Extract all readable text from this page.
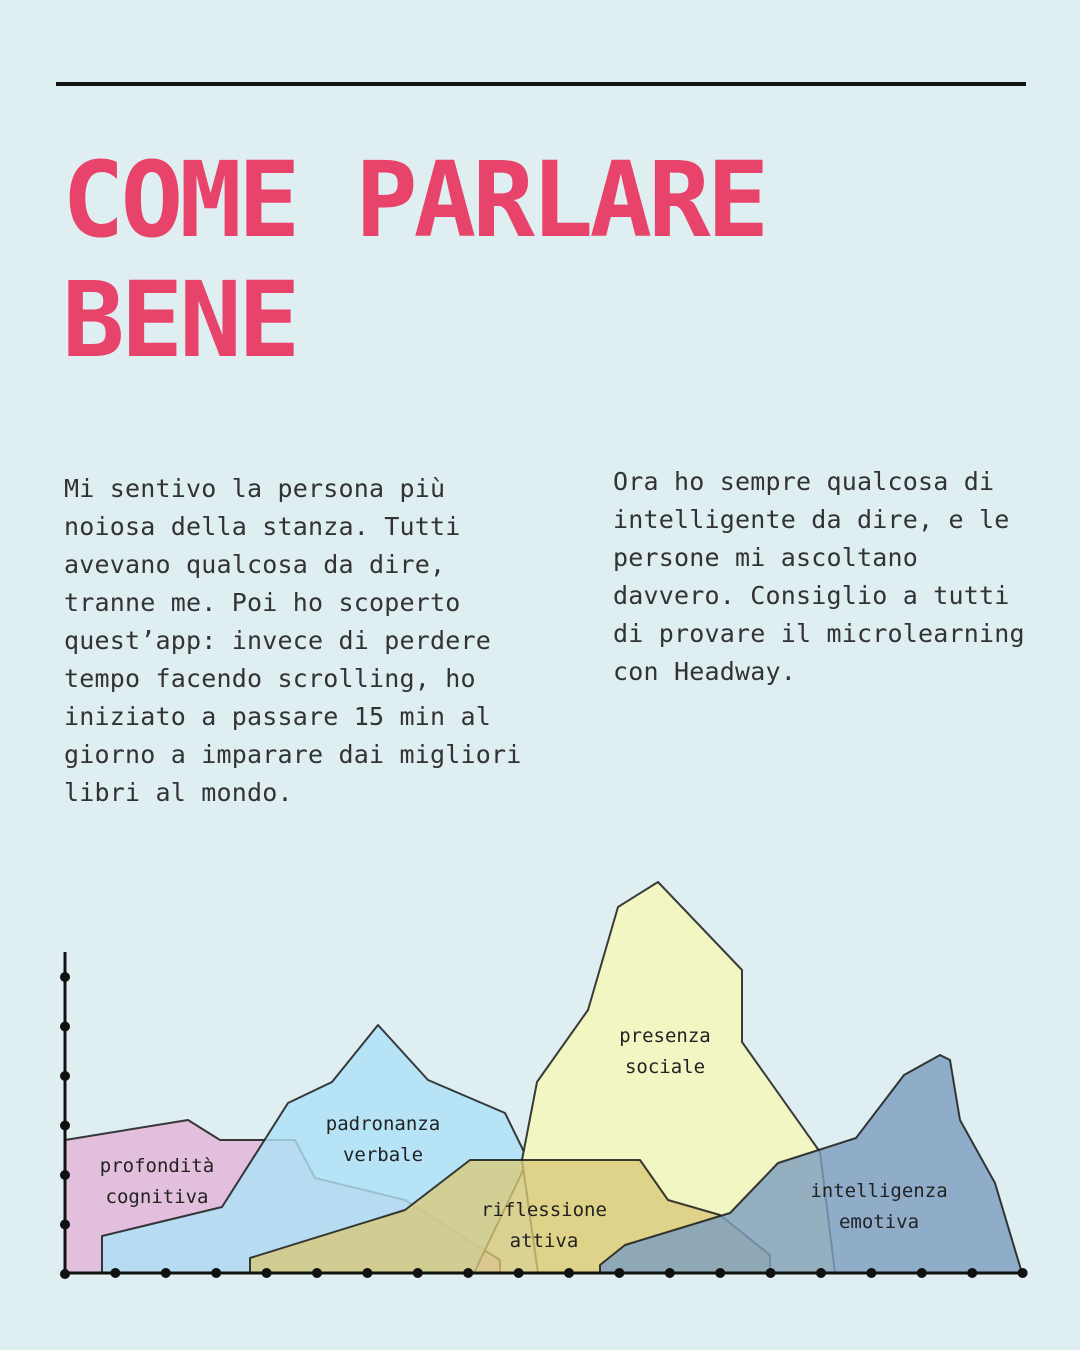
COME PARLARE
BENE

Mi sentivo la persona più noiosa della stanza. Tutti avevano qualcosa da dire, tranne me. Poi ho scoperto quest’app: invece di perdere tempo facendo scrolling, ho iniziato a passare 15 min al giorno a imparare dai migliori libri al mondo.

Ora ho sempre qualcosa di intelligente da dire, e le persone mi ascoltano davvero. Consiglio a tutti di provare il microlearning con Headway.

profondità cognitiva
padronanza verbale
presenza sociale
riflessione attiva
intelligenza emotiva
